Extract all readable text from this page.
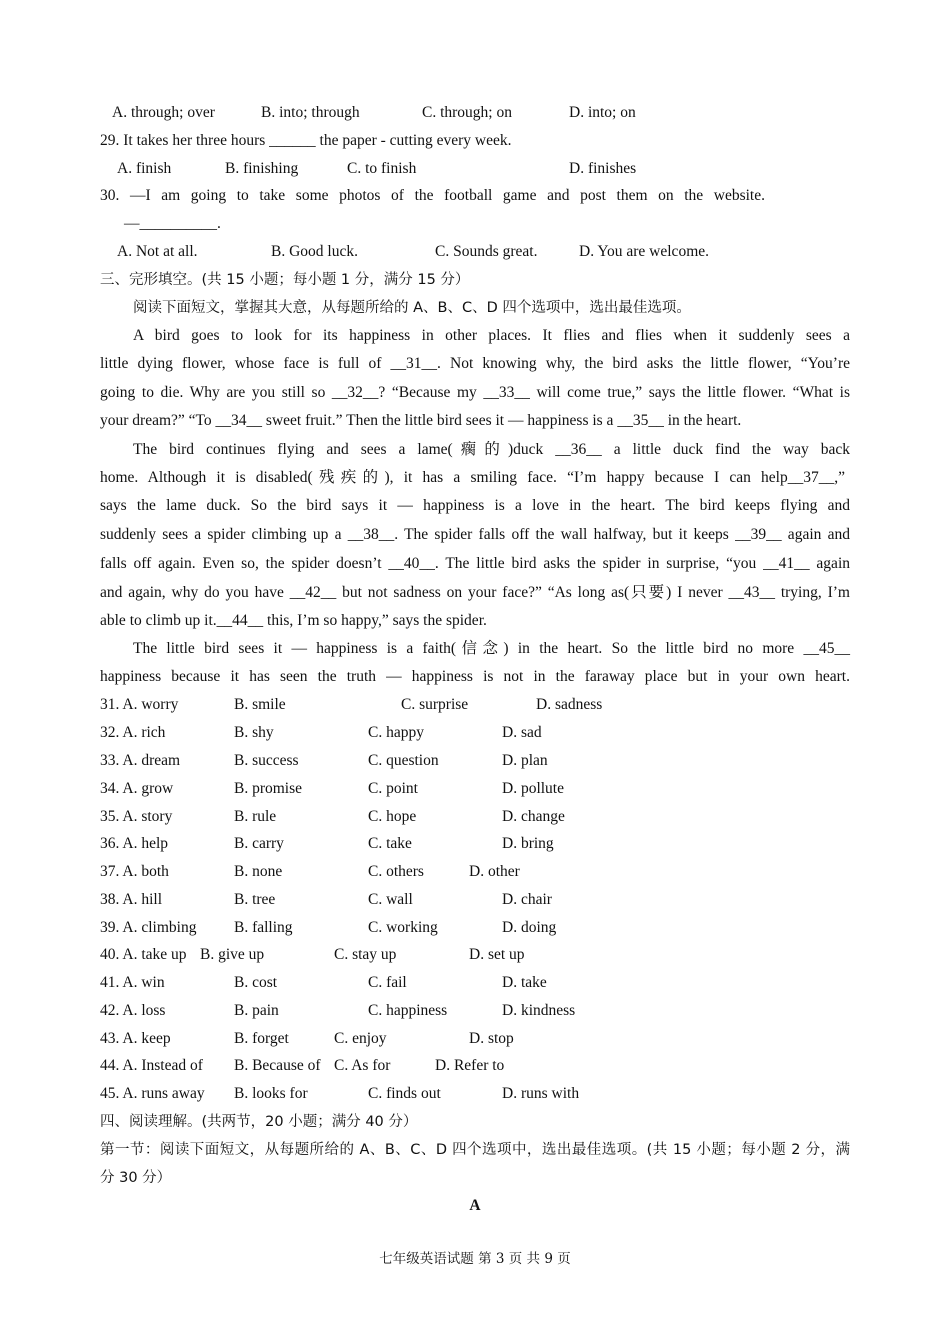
A. through; over	B. into; through	C. through; on	D. into; on
29. It takes her three hours ______ the paper - cutting every week.
A. finish	B. finishing	C. to finish	D. finishes
30. —I am going to take some photos of the football game and post them on the website.
—__________.
A. Not at all.	B. Good luck.	C. Sounds great.	D. You are welcome.
三、完形填空。(共 15 小题；每小题 1 分，满分 15 分）
阅读下面短文，掌握其大意，从每题所给的 A、B、C、D 四个选项中，选出最佳选项。
A bird goes to look for its happiness in other places. It flies and flies when it suddenly sees a
little dying flower, whose face is full of __31__. Not knowing why, the bird asks the little flower, “You’re
going to die. Why are you still so __32__? “Because my __33__ will come true,” says the little flower. “What is
your dream?” “To __34__ sweet fruit.” Then the little bird sees it — happiness is a __35__ in the heart.
The bird continues flying and sees a lame(瘸的)duck __36__ a little duck find the way back
home. Although it is disabled(残疾的), it has a smiling face. “I’m happy because I can help__37__,”
says the lame duck. So the bird says it — happiness is a love in the heart. The bird keeps flying and
suddenly sees a spider climbing up a __38__. The spider falls off the wall halfway, but it keeps __39__ again and
falls off again. Even so, the spider doesn’t __40__. The little bird asks the spider in surprise, “you __41__ again
and again, why do you have __42__ but not sadness on your face?” “As long as(只要) I never __43__ trying, I’m
able to climb up it.__44__ this, I’m so happy,” says the spider.
The little bird sees it — happiness is a faith(信念) in the heart. So the little bird no more __45__
happiness because it has seen the truth — happiness is not in the faraway place but in your own heart.
31. A. worry	B. smile	C. surprise	D. sadness
32. A. rich	B. shy	C. happy	D. sad
33. A. dream	B. success	C. question	D. plan
34. A. grow	B. promise	C. point	D. pollute
35. A. story	B. rule	C. hope	D. change
36. A. help	B. carry	C. take	D. bring
37. A. both	B. none	C. others	D. other
38. A. hill	B. tree	C. wall	D. chair
39. A. climbing B. falling	C. working	D. doing
40. A. take up B. give up	C. stay up	D. set up
41. A. win	B. cost	C. fail	D. take
42. A. loss	B. pain	C. happiness	D. kindness
43. A. keep	B. forget	C. enjoy	D. stop
44. A. Instead of B. Because of C. As for	D. Refer to
45. A. runs away B. looks for	C. finds out	D. runs with
四、阅读理解。(共两节，20 小题；满分 40 分）
第一节：阅读下面短文，从每题所给的 A、B、C、D 四个选项中，选出最佳选项。(共 15 小题；每小题 2 分，满
分 30 分）
A
七年级英语试题 第 3 页 共 9 页
